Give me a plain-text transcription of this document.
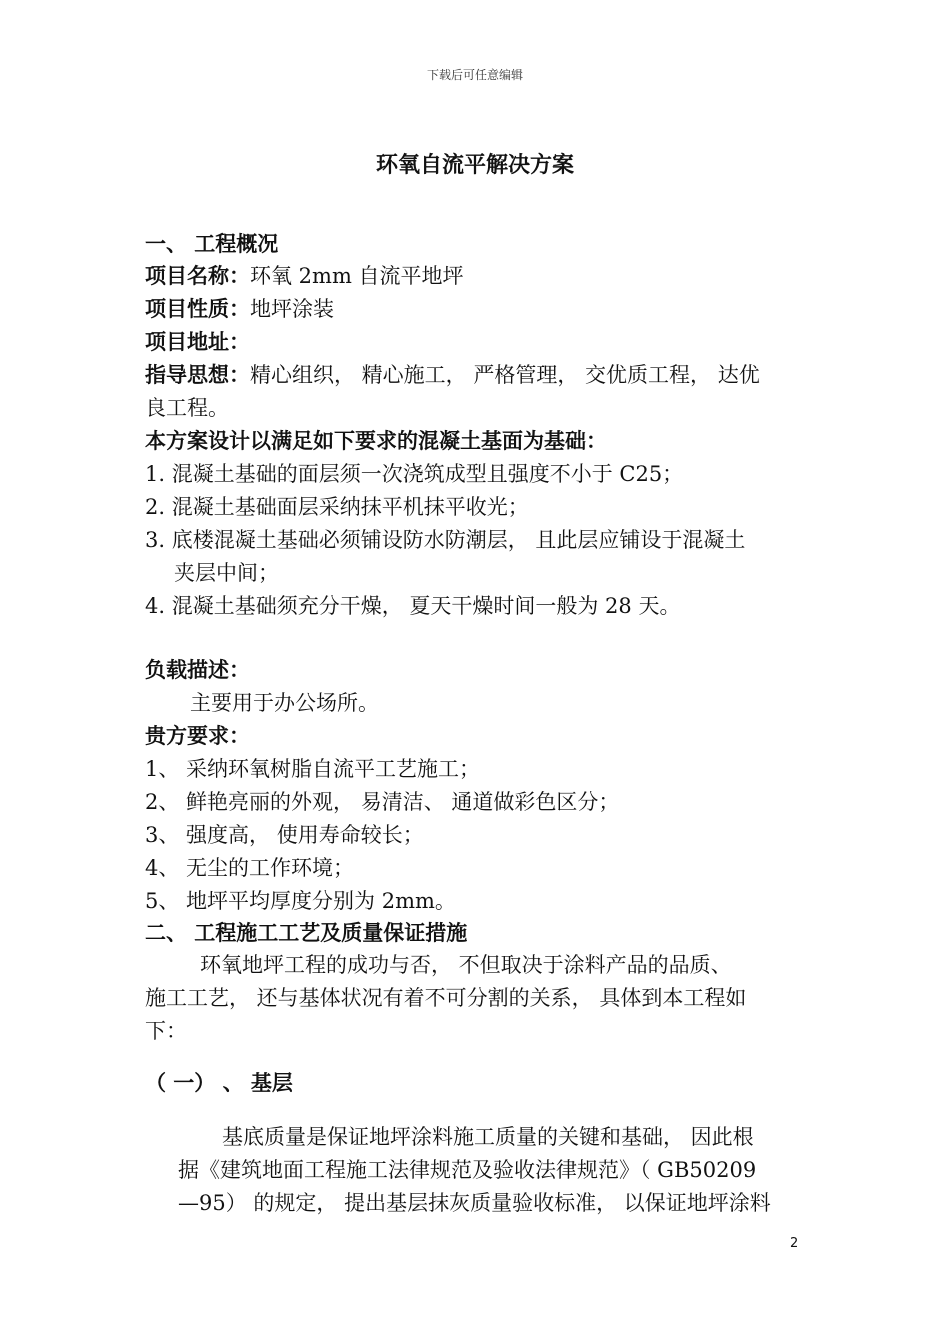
下载后可任意编辑
环氧自流平解决方案
一、 工程概况
项目名称：环氧 2mm 自流平地坪
项目性质：地坪涂装
项目地址：
指导思想：精心组织， 精心施工， 严格管理， 交优质工程， 达优
良工程。
本方案设计以满足如下要求的混凝土基面为基础：
1. 混凝土基础的面层须一次浇筑成型且强度不小于 C25；
2. 混凝土基础面层采纳抹平机抹平收光；
3. 底楼混凝土基础必须铺设防水防潮层， 且此层应铺设于混凝土
夹层中间；
4. 混凝土基础须充分干燥， 夏天干燥时间一般为 28 天。
负载描述：
主要用于办公场所。
贵方要求：
1、 采纳环氧树脂自流平工艺施工；
2、 鲜艳亮丽的外观， 易清洁、 通道做彩色区分；
3、 强度高， 使用寿命较长；
4、 无尘的工作环境；
5、 地坪平均厚度分别为 2mm。
二、 工程施工工艺及质量保证措施
环氧地坪工程的成功与否， 不但取决于涂料产品的品质、
施工工艺， 还与基体状况有着不可分割的关系， 具体到本工程如
下：
（ 一） 、 基层
基底质量是保证地坪涂料施工质量的关键和基础， 因此根
据《建筑地面工程施工法律规范及验收法律规范》（ GB50209
—95） 的规定， 提出基层抹灰质量验收标准， 以保证地坪涂料
2
